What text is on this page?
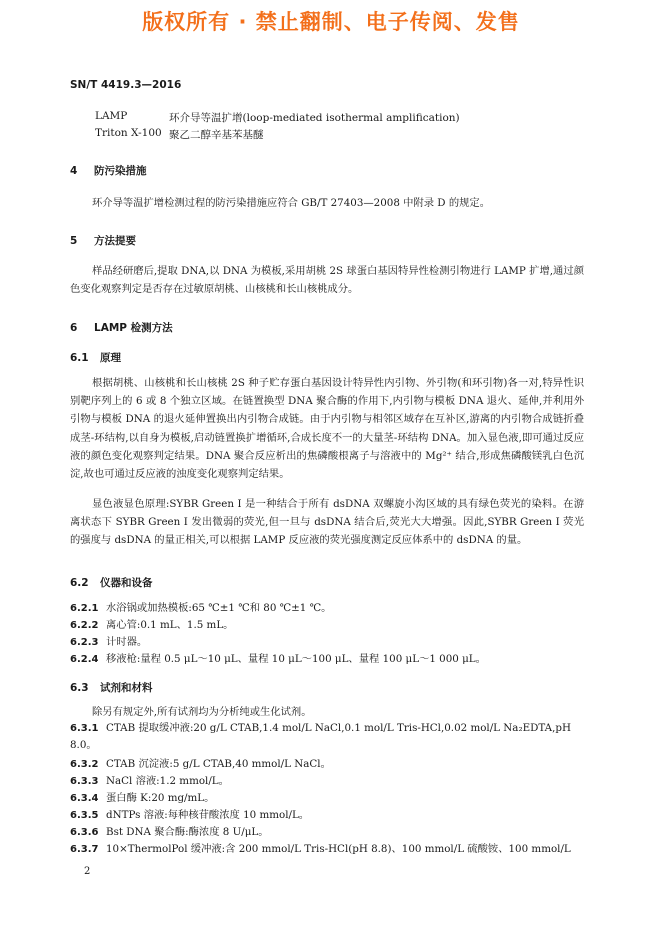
版权所有 · 禁止翻制、电子传阅、发售
SN/T 4419.3—2016
LAMP	环介导等温扩增(loop-mediated isothermal amplification)
Triton X-100 聚乙二醇辛基苯基醚
4 防污染措施

环介导等温扩增检测过程的防污染措施应符合 GB/T 27403—2008 中附录 D 的规定。

5 方法提要

样品经研磨后,提取 DNA,以 DNA 为模板,采用胡桃 2S 球蛋白基因特异性检测引物进行 LAMP 扩增,通过颜色变化观察判定是否存在过敏原胡桃、山核桃和长山核桃成分。

6 LAMP 检测方法
6.1 原理

根据胡桃、山核桃和长山核桃 2S 种子贮存蛋白基因设计特异性内引物、外引物(和环引物)各一对,特异性识别靶序列上的 6 或 8 个独立区域。在链置换型 DNA 聚合酶的作用下,内引物与模板 DNA 退火、延伸,并利用外引物与模板 DNA 的退火延伸置换出内引物合成链。由于内引物与相邻区域存在互补区,游离的内引物合成链折叠成茎-环结构,以自身为模板,启动链置换扩增循环,合成长度不一的大量茎-环结构 DNA。加入显色液,即可通过反应液的颜色变化观察判定结果。DNA 聚合反应析出的焦磷酸根离子与溶液中的 Mg²⁺ 结合,形成焦磷酸镁乳白色沉淀,故也可通过反应液的浊度变化观察判定结果。

显色液显色原理:SYBR Green I 是一种结合于所有 dsDNA 双螺旋小沟区域的具有绿色荧光的染料。在游离状态下 SYBR Green I 发出微弱的荧光,但一旦与 dsDNA 结合后,荧光大大增强。因此,SYBR Green I 荧光的强度与 dsDNA 的量正相关,可以根据 LAMP 反应液的荧光强度测定反应体系中的 dsDNA 的量。

6.2 仪器和设备
6.2.1 水浴锅或加热模板:65 ℃±1 ℃和 80 ℃±1 ℃。
6.2.2 离心管:0.1 mL、1.5 mL。
6.2.3 计时器。
6.2.4 移液枪:量程 0.5 μL～10 μL、量程 10 μL～100 μL、量程 100 μL～1 000 μL。
6.3 试剂和材料

除另有规定外,所有试剂均为分析纯或生化试剂。

6.3.1 CTAB 提取缓冲液:20 g/L CTAB,1.4 mol/L NaCl,0.1 mol/L Tris-HCl,0.02 mol/L Na₂EDTA,pH 8.0。
6.3.2 CTAB 沉淀液:5 g/L CTAB,40 mmol/L NaCl。
6.3.3 NaCl 溶液:1.2 mmol/L。
6.3.4 蛋白酶 K:20 mg/mL。
6.3.5 dNTPs 溶液:每种核苷酸浓度 10 mmol/L。
6.3.6 Bst DNA 聚合酶:酶浓度 8 U/μL。
6.3.7 10×ThermolPol 缓冲液:含 200 mmol/L Tris-HCl(pH 8.8)、100 mmol/L 硫酸铵、100 mmol/L
2
